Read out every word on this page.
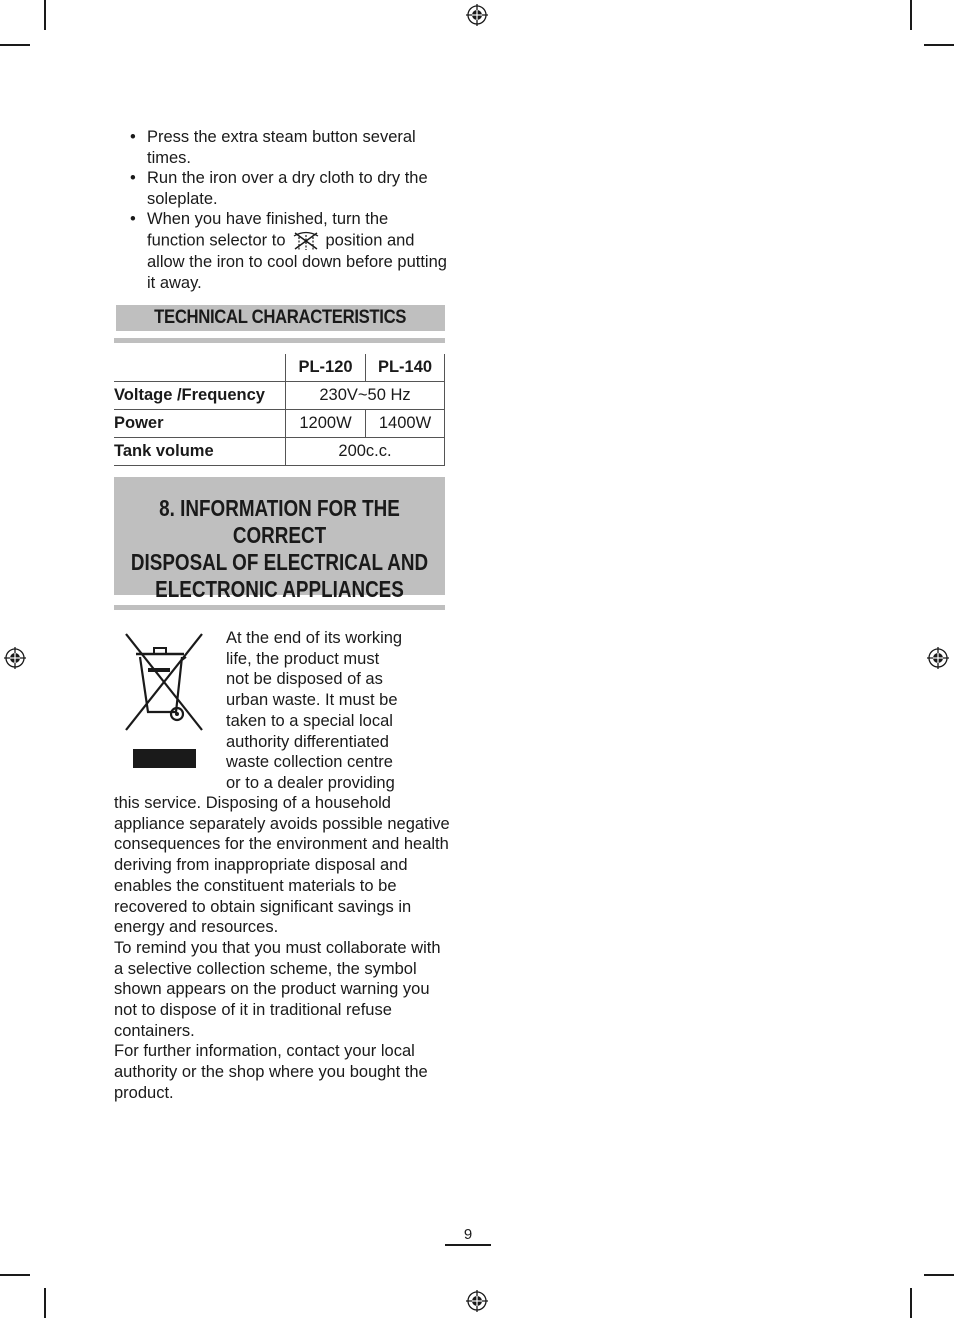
• Press the extra steam button several times.
• Run the iron over a dry cloth to dry the soleplate.
• When you have finished, turn the function selector to position and allow the iron to cool down before putting it away.
TECHNICAL CHARACTERISTICS
	PL-120	PL-140
Voltage /Frequency	230V~50 Hz	
Power	1200W	1400W
Tank volume	200c.c.	
8. INFORMATION FOR THE CORRECT
DISPOSAL OF ELECTRICAL AND
ELECTRONIC APPLIANCES
At the end of its working
life, the product must
not be disposed of as
urban waste. It must be
taken to a special local
authority differentiated
waste collection centre
or to a dealer providing

this service. Disposing of a household appliance separately avoids possible negative consequences for the environment and health deriving from inappropriate disposal and enables the constituent materials to be recovered to obtain significant savings in energy and resources.

To remind you that you must collaborate with a selective collection scheme, the symbol shown appears on the product warning you not to dispose of it in traditional refuse containers.

For further information, contact your local authority or the shop where you bought the product.

9
